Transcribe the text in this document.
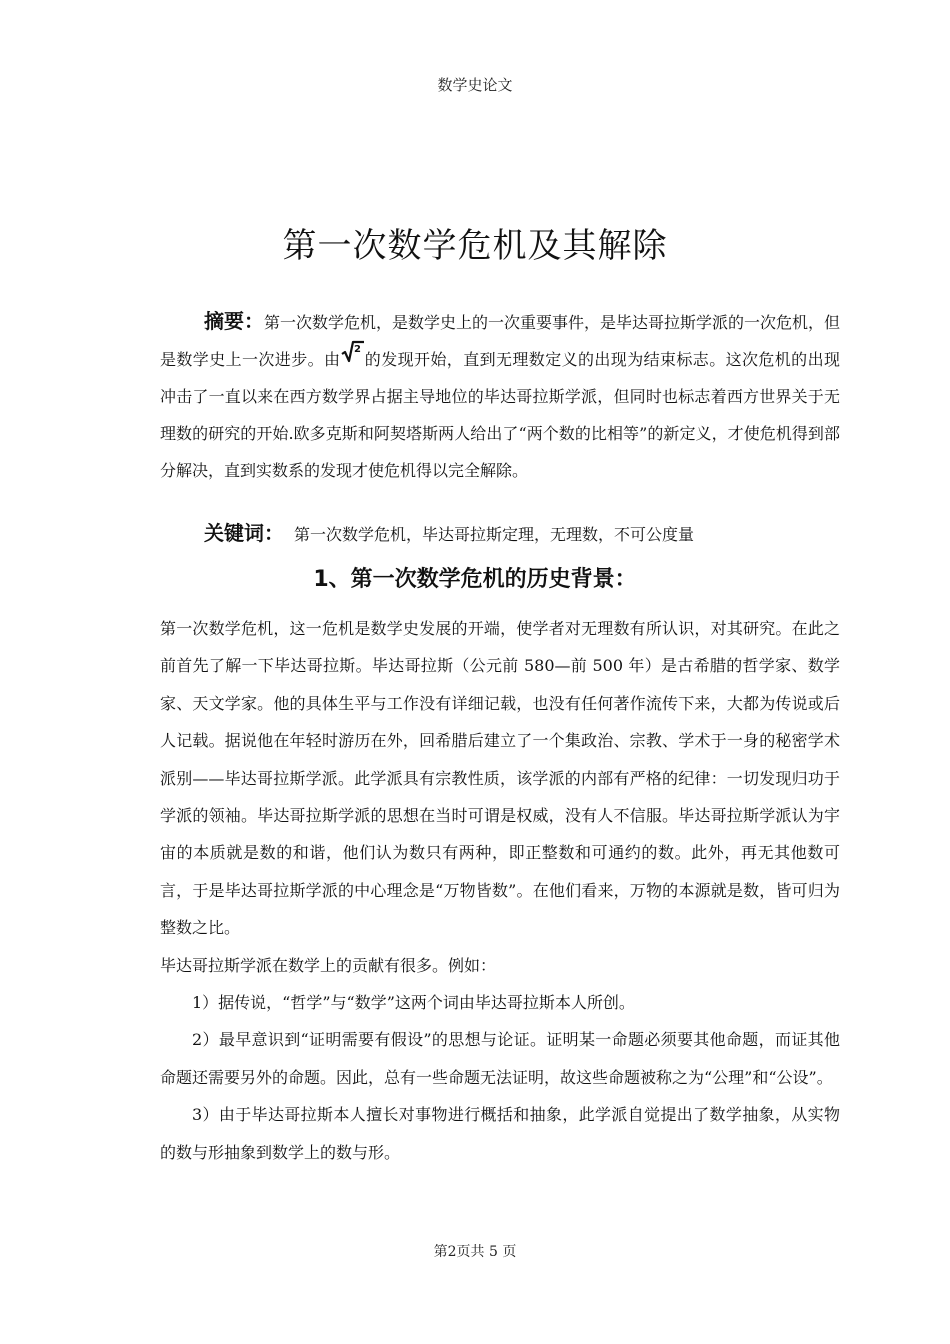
数学史论文
第一次数学危机及其解除
摘要：第一次数学危机，是数学史上的一次重要事件，是毕达哥拉斯学派的一次危机，但是数学史上一次进步。由
2
的发现开始，直到无理数定义的出现为结束标志。这次危机的出现冲击了一直以来在西方数学界占据主导地位的毕达哥拉斯学派，但同时也标志着西方世界关于无理数的研究的开始.欧多克斯和阿契塔斯两人给出了“两个数的比相等”的新定义，才使危机得到部分解决，直到实数系的发现才使危机得以完全解除。
关键词： 第一次数学危机，毕达哥拉斯定理，无理数，不可公度量
1、第一次数学危机的历史背景：

第一次数学危机，这一危机是数学史发展的开端，使学者对无理数有所认识，对其研究。在此之前首先了解一下毕达哥拉斯。毕达哥拉斯（公元前 580—前 500 年）是古希腊的哲学家、数学家、天文学家。他的具体生平与工作没有详细记载，也没有任何著作流传下来，大都为传说或后人记载。据说他在年轻时游历在外，回希腊后建立了一个集政治、宗教、学术于一身的秘密学术派别——毕达哥拉斯学派。此学派具有宗教性质，该学派的内部有严格的纪律：一切发现归功于学派的领袖。毕达哥拉斯学派的思想在当时可谓是权威，没有人不信服。毕达哥拉斯学派认为宇宙的本质就是数的和谐，他们认为数只有两种，即正整数和可通约的数。此外，再无其他数可言，于是毕达哥拉斯学派的中心理念是“万物皆数”。在他们看来，万物的本源就是数，皆可归为整数之比。

毕达哥拉斯学派在数学上的贡献有很多。例如：

1）据传说，“哲学”与“数学”这两个词由毕达哥拉斯本人所创。

2）最早意识到“证明需要有假设”的思想与论证。证明某一命题必须要其他命题，而证其他命题还需要另外的命题。因此，总有一些命题无法证明，故这些命题被称之为“公理”和“公设”。

3）由于毕达哥拉斯本人擅长对事物进行概括和抽象，此学派自觉提出了数学抽象，从实物的数与形抽象到数学上的数与形。

第2页共 5 页
